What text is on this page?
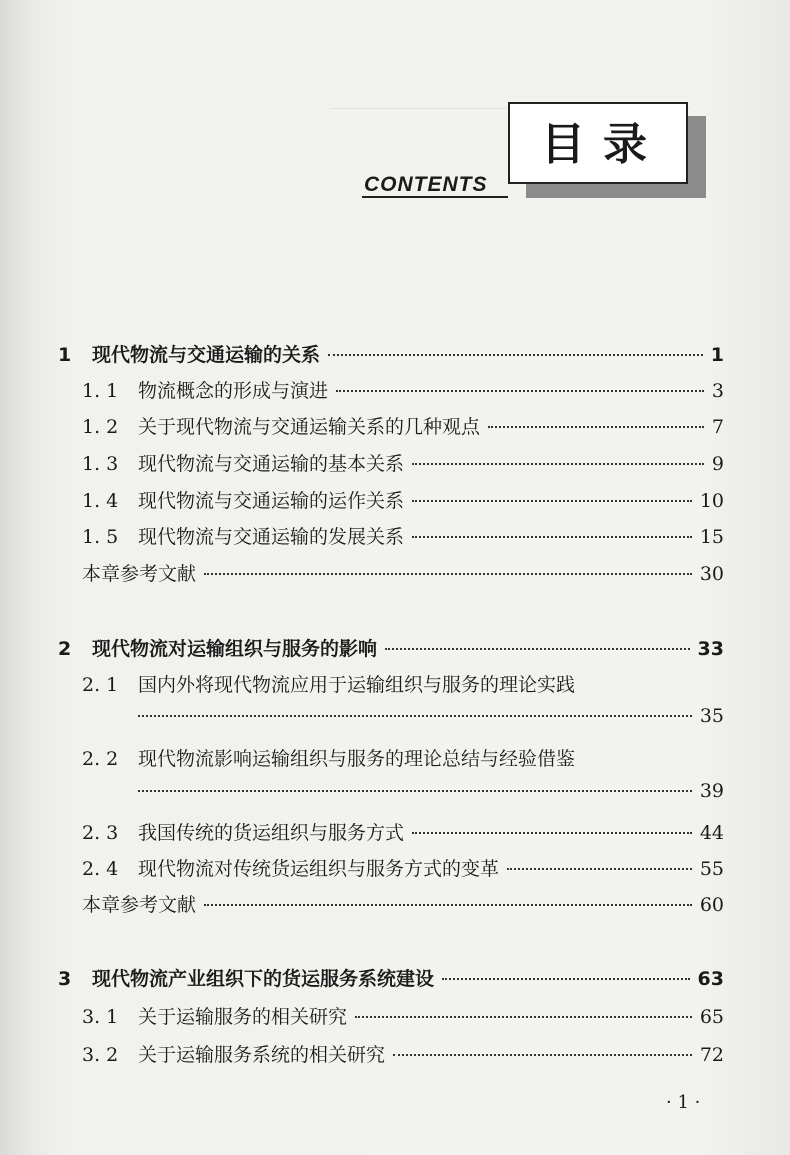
目录
CONTENTS
1	现代物流与交通运输的关系	1
1. 1	物流概念的形成与演进	3
1. 2	关于现代物流与交通运输关系的几种观点	7
1. 3	现代物流与交通运输的基本关系	9
1. 4	现代物流与交通运输的运作关系	10
1. 5	现代物流与交通运输的发展关系	15
本章参考文献	30
2	现代物流对运输组织与服务的影响	33
2. 1	国内外将现代物流应用于运输组织与服务的理论实践
35
2. 2	现代物流影响运输组织与服务的理论总结与经验借鉴
39
2. 3	我国传统的货运组织与服务方式	44
2. 4	现代物流对传统货运组织与服务方式的变革	55
本章参考文献	60
3	现代物流产业组织下的货运服务系统建设	63
3. 1	关于运输服务的相关研究	65
3. 2	关于运输服务系统的相关研究	72
· 1 ·
